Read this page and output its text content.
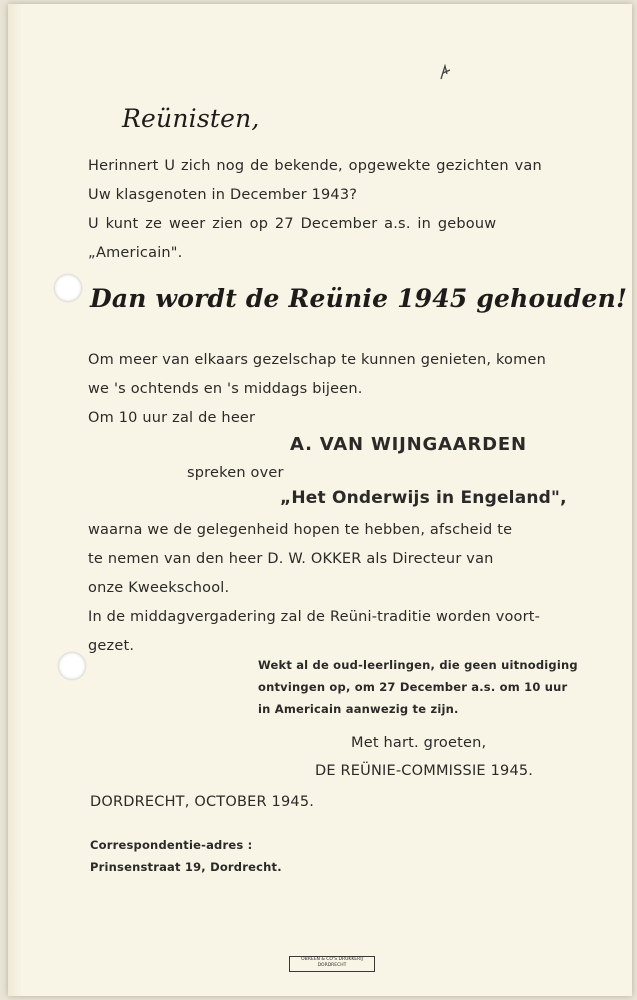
Reünisten,
Herinnert U zich nog de bekende, opgewekte gezichten van
Uw klasgenoten in December 1943?
U kunt ze weer zien op 27 December a.s. in gebouw
„Americain".
Dan wordt de Reünie 1945 gehouden!
Om meer van elkaars gezelschap te kunnen genieten, komen
we 's ochtends en 's middags bijeen.
Om 10 uur zal de heer
A. VAN WIJNGAARDEN
spreken over
„Het Onderwijs in Engeland",
waarna we de gelegenheid hopen te hebben, afscheid te
te nemen van den heer D. W. OKKER als Directeur van
onze Kweekschool.
In de middagvergadering zal de Reüni-traditie worden voort-
gezet.
Wekt al de oud-leerlingen, die geen uitnodiging
ontvingen op, om 27 December a.s. om 10 uur
in Americain aanwezig te zijn.
Met hart. groeten,
DE REÜNIE-COMMISSIE 1945.
DORDRECHT, OCTOBER 1945.
Correspondentie-adres :
Prinsenstraat 19, Dordrecht.
OBREEN & CO'S DRUKKERIJ
DORDRECHT
